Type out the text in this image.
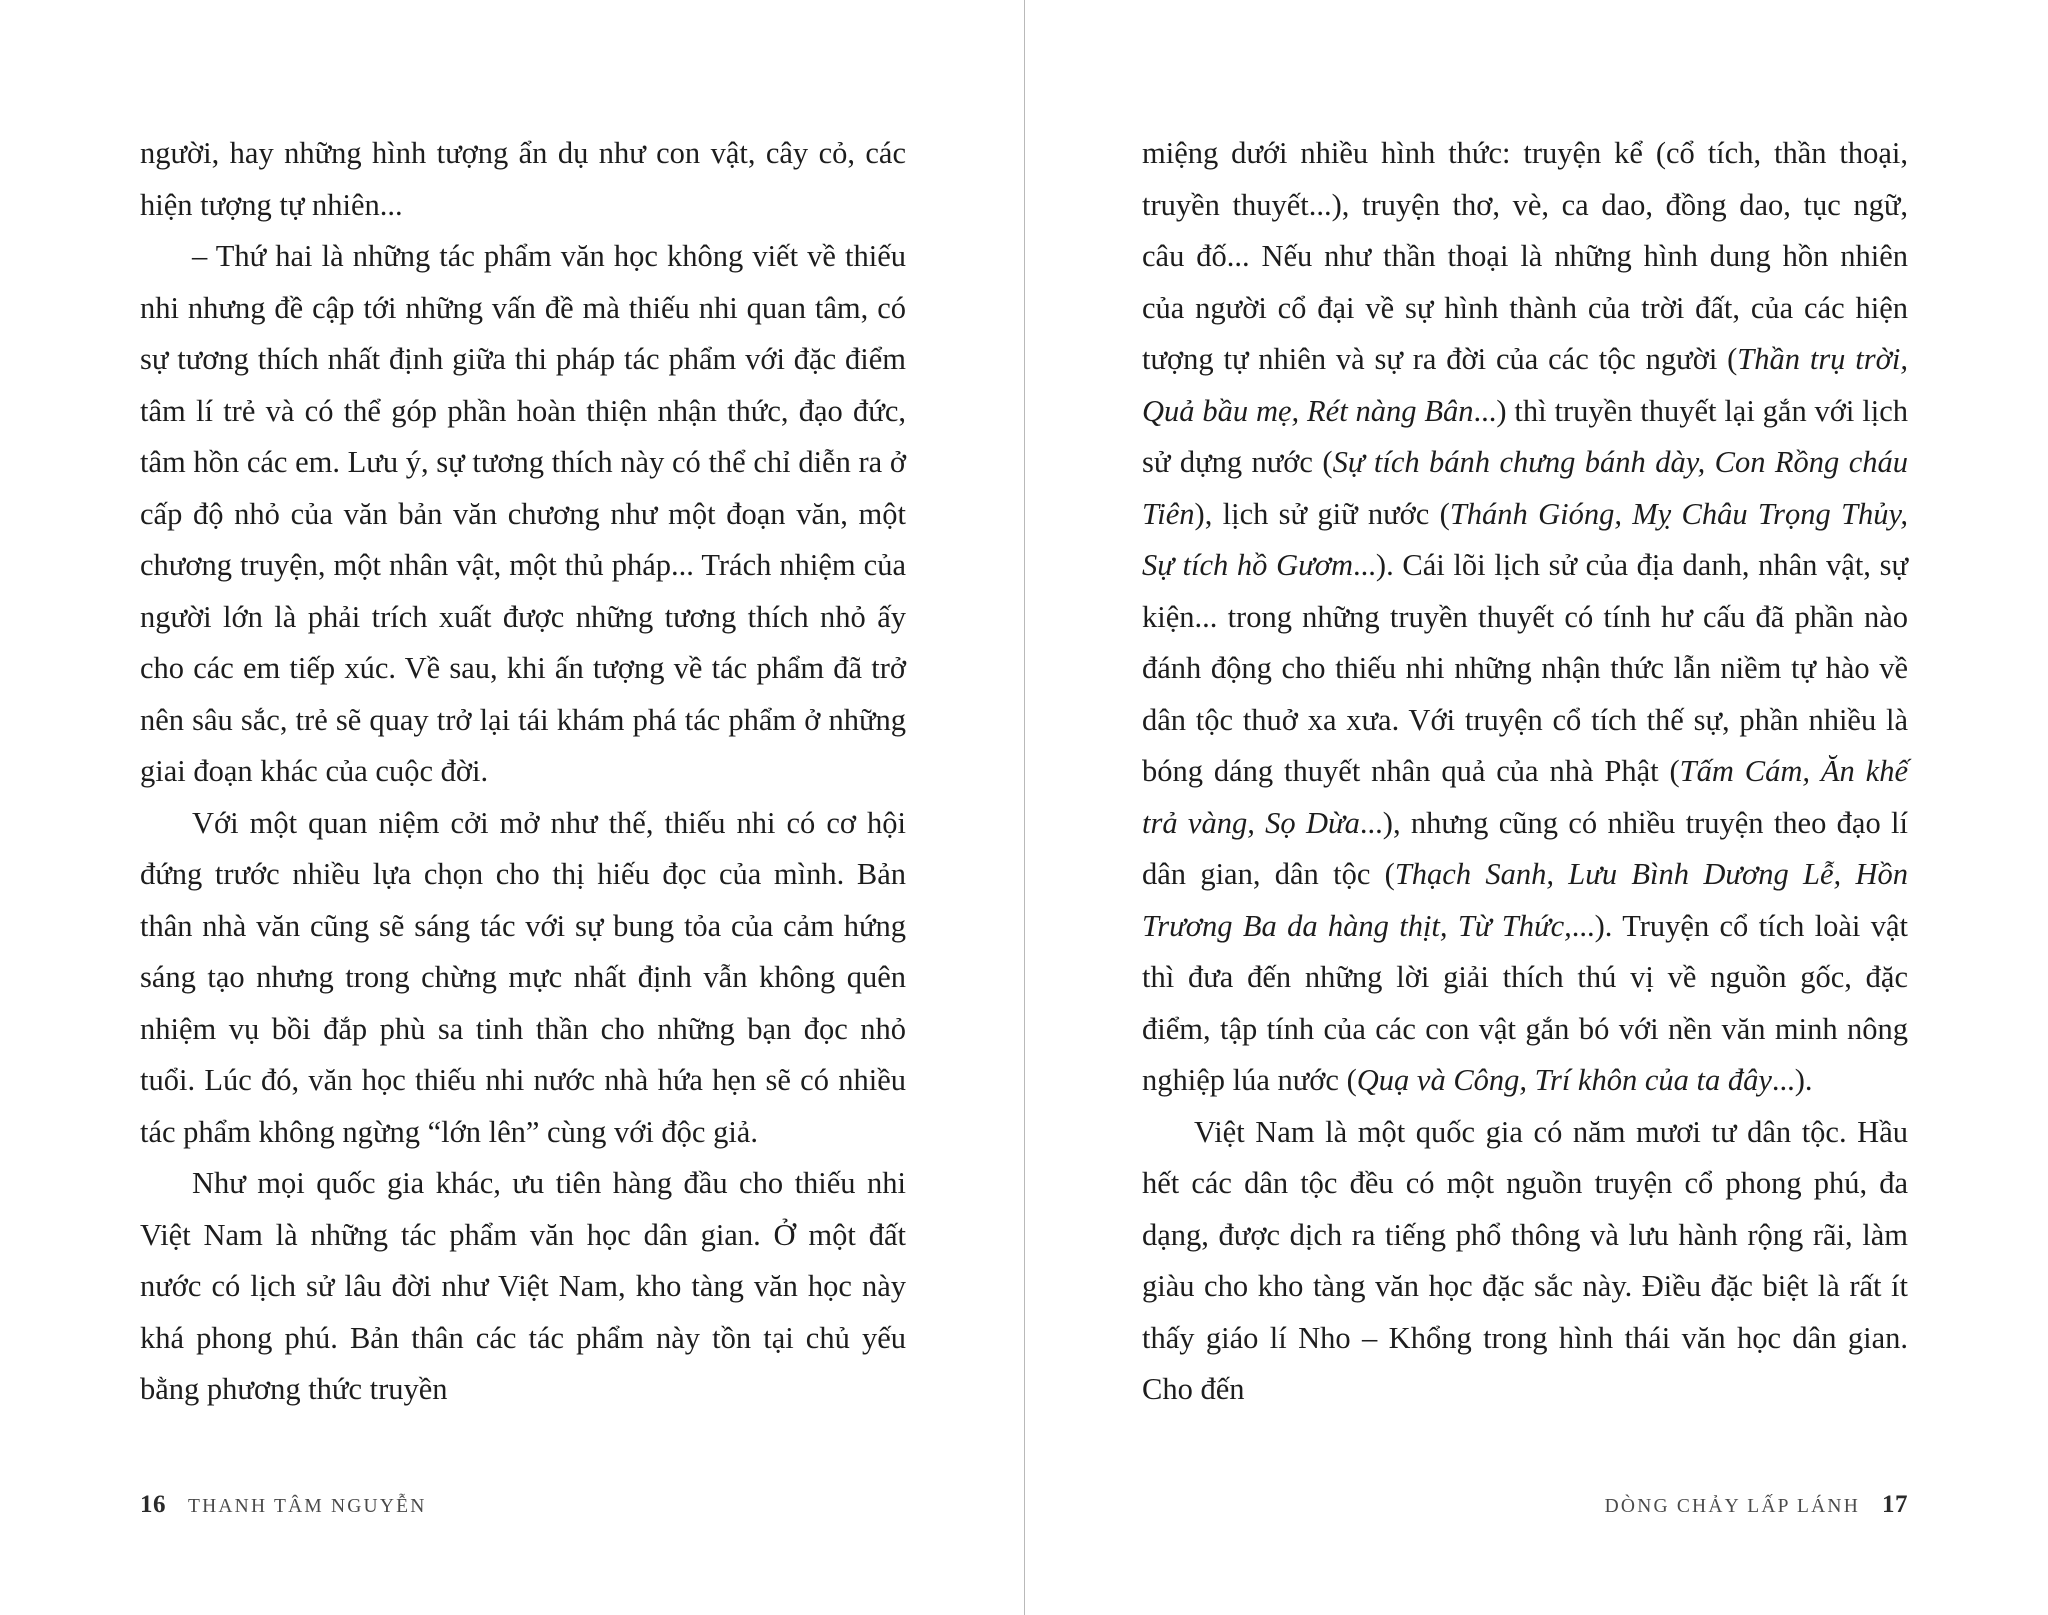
người, hay những hình tượng ẩn dụ như con vật, cây cỏ, các hiện tượng tự nhiên...

– Thứ hai là những tác phẩm văn học không viết về thiếu nhi nhưng đề cập tới những vấn đề mà thiếu nhi quan tâm, có sự tương thích nhất định giữa thi pháp tác phẩm với đặc điểm tâm lí trẻ và có thể góp phần hoàn thiện nhận thức, đạo đức, tâm hồn các em. Lưu ý, sự tương thích này có thể chỉ diễn ra ở cấp độ nhỏ của văn bản văn chương như một đoạn văn, một chương truyện, một nhân vật, một thủ pháp... Trách nhiệm của người lớn là phải trích xuất được những tương thích nhỏ ấy cho các em tiếp xúc. Về sau, khi ấn tượng về tác phẩm đã trở nên sâu sắc, trẻ sẽ quay trở lại tái khám phá tác phẩm ở những giai đoạn khác của cuộc đời.

Với một quan niệm cởi mở như thế, thiếu nhi có cơ hội đứng trước nhiều lựa chọn cho thị hiếu đọc của mình. Bản thân nhà văn cũng sẽ sáng tác với sự bung tỏa của cảm hứng sáng tạo nhưng trong chừng mực nhất định vẫn không quên nhiệm vụ bồi đắp phù sa tinh thần cho những bạn đọc nhỏ tuổi. Lúc đó, văn học thiếu nhi nước nhà hứa hẹn sẽ có nhiều tác phẩm không ngừng “lớn lên” cùng với độc giả.

Như mọi quốc gia khác, ưu tiên hàng đầu cho thiếu nhi Việt Nam là những tác phẩm văn học dân gian. Ở một đất nước có lịch sử lâu đời như Việt Nam, kho tàng văn học này khá phong phú. Bản thân các tác phẩm này tồn tại chủ yếu bằng phương thức truyền

16 THANH TÂM NGUYỄN

miệng dưới nhiều hình thức: truyện kể (cổ tích, thần thoại, truyền thuyết...), truyện thơ, vè, ca dao, đồng dao, tục ngữ, câu đố... Nếu như thần thoại là những hình dung hồn nhiên của người cổ đại về sự hình thành của trời đất, của các hiện tượng tự nhiên và sự ra đời của các tộc người (Thần trụ trời, Quả bầu mẹ, Rét nàng Bân...) thì truyền thuyết lại gắn với lịch sử dựng nước (Sự tích bánh chưng bánh dày, Con Rồng cháu Tiên), lịch sử giữ nước (Thánh Gióng, Mỵ Châu Trọng Thủy, Sự tích hồ Gươm...). Cái lõi lịch sử của địa danh, nhân vật, sự kiện... trong những truyền thuyết có tính hư cấu đã phần nào đánh động cho thiếu nhi những nhận thức lẫn niềm tự hào về dân tộc thuở xa xưa. Với truyện cổ tích thế sự, phần nhiều là bóng dáng thuyết nhân quả của nhà Phật (Tấm Cám, Ăn khế trả vàng, Sọ Dừa...), nhưng cũng có nhiều truyện theo đạo lí dân gian, dân tộc (Thạch Sanh, Lưu Bình Dương Lễ, Hồn Trương Ba da hàng thịt, Từ Thức,...). Truyện cổ tích loài vật thì đưa đến những lời giải thích thú vị về nguồn gốc, đặc điểm, tập tính của các con vật gắn bó với nền văn minh nông nghiệp lúa nước (Quạ và Công, Trí khôn của ta đây...).

Việt Nam là một quốc gia có năm mươi tư dân tộc. Hầu hết các dân tộc đều có một nguồn truyện cổ phong phú, đa dạng, được dịch ra tiếng phổ thông và lưu hành rộng rãi, làm giàu cho kho tàng văn học đặc sắc này. Điều đặc biệt là rất ít thấy giáo lí Nho – Khổng trong hình thái văn học dân gian. Cho đến

DÒNG CHẢY LẤP LÁNH 17
